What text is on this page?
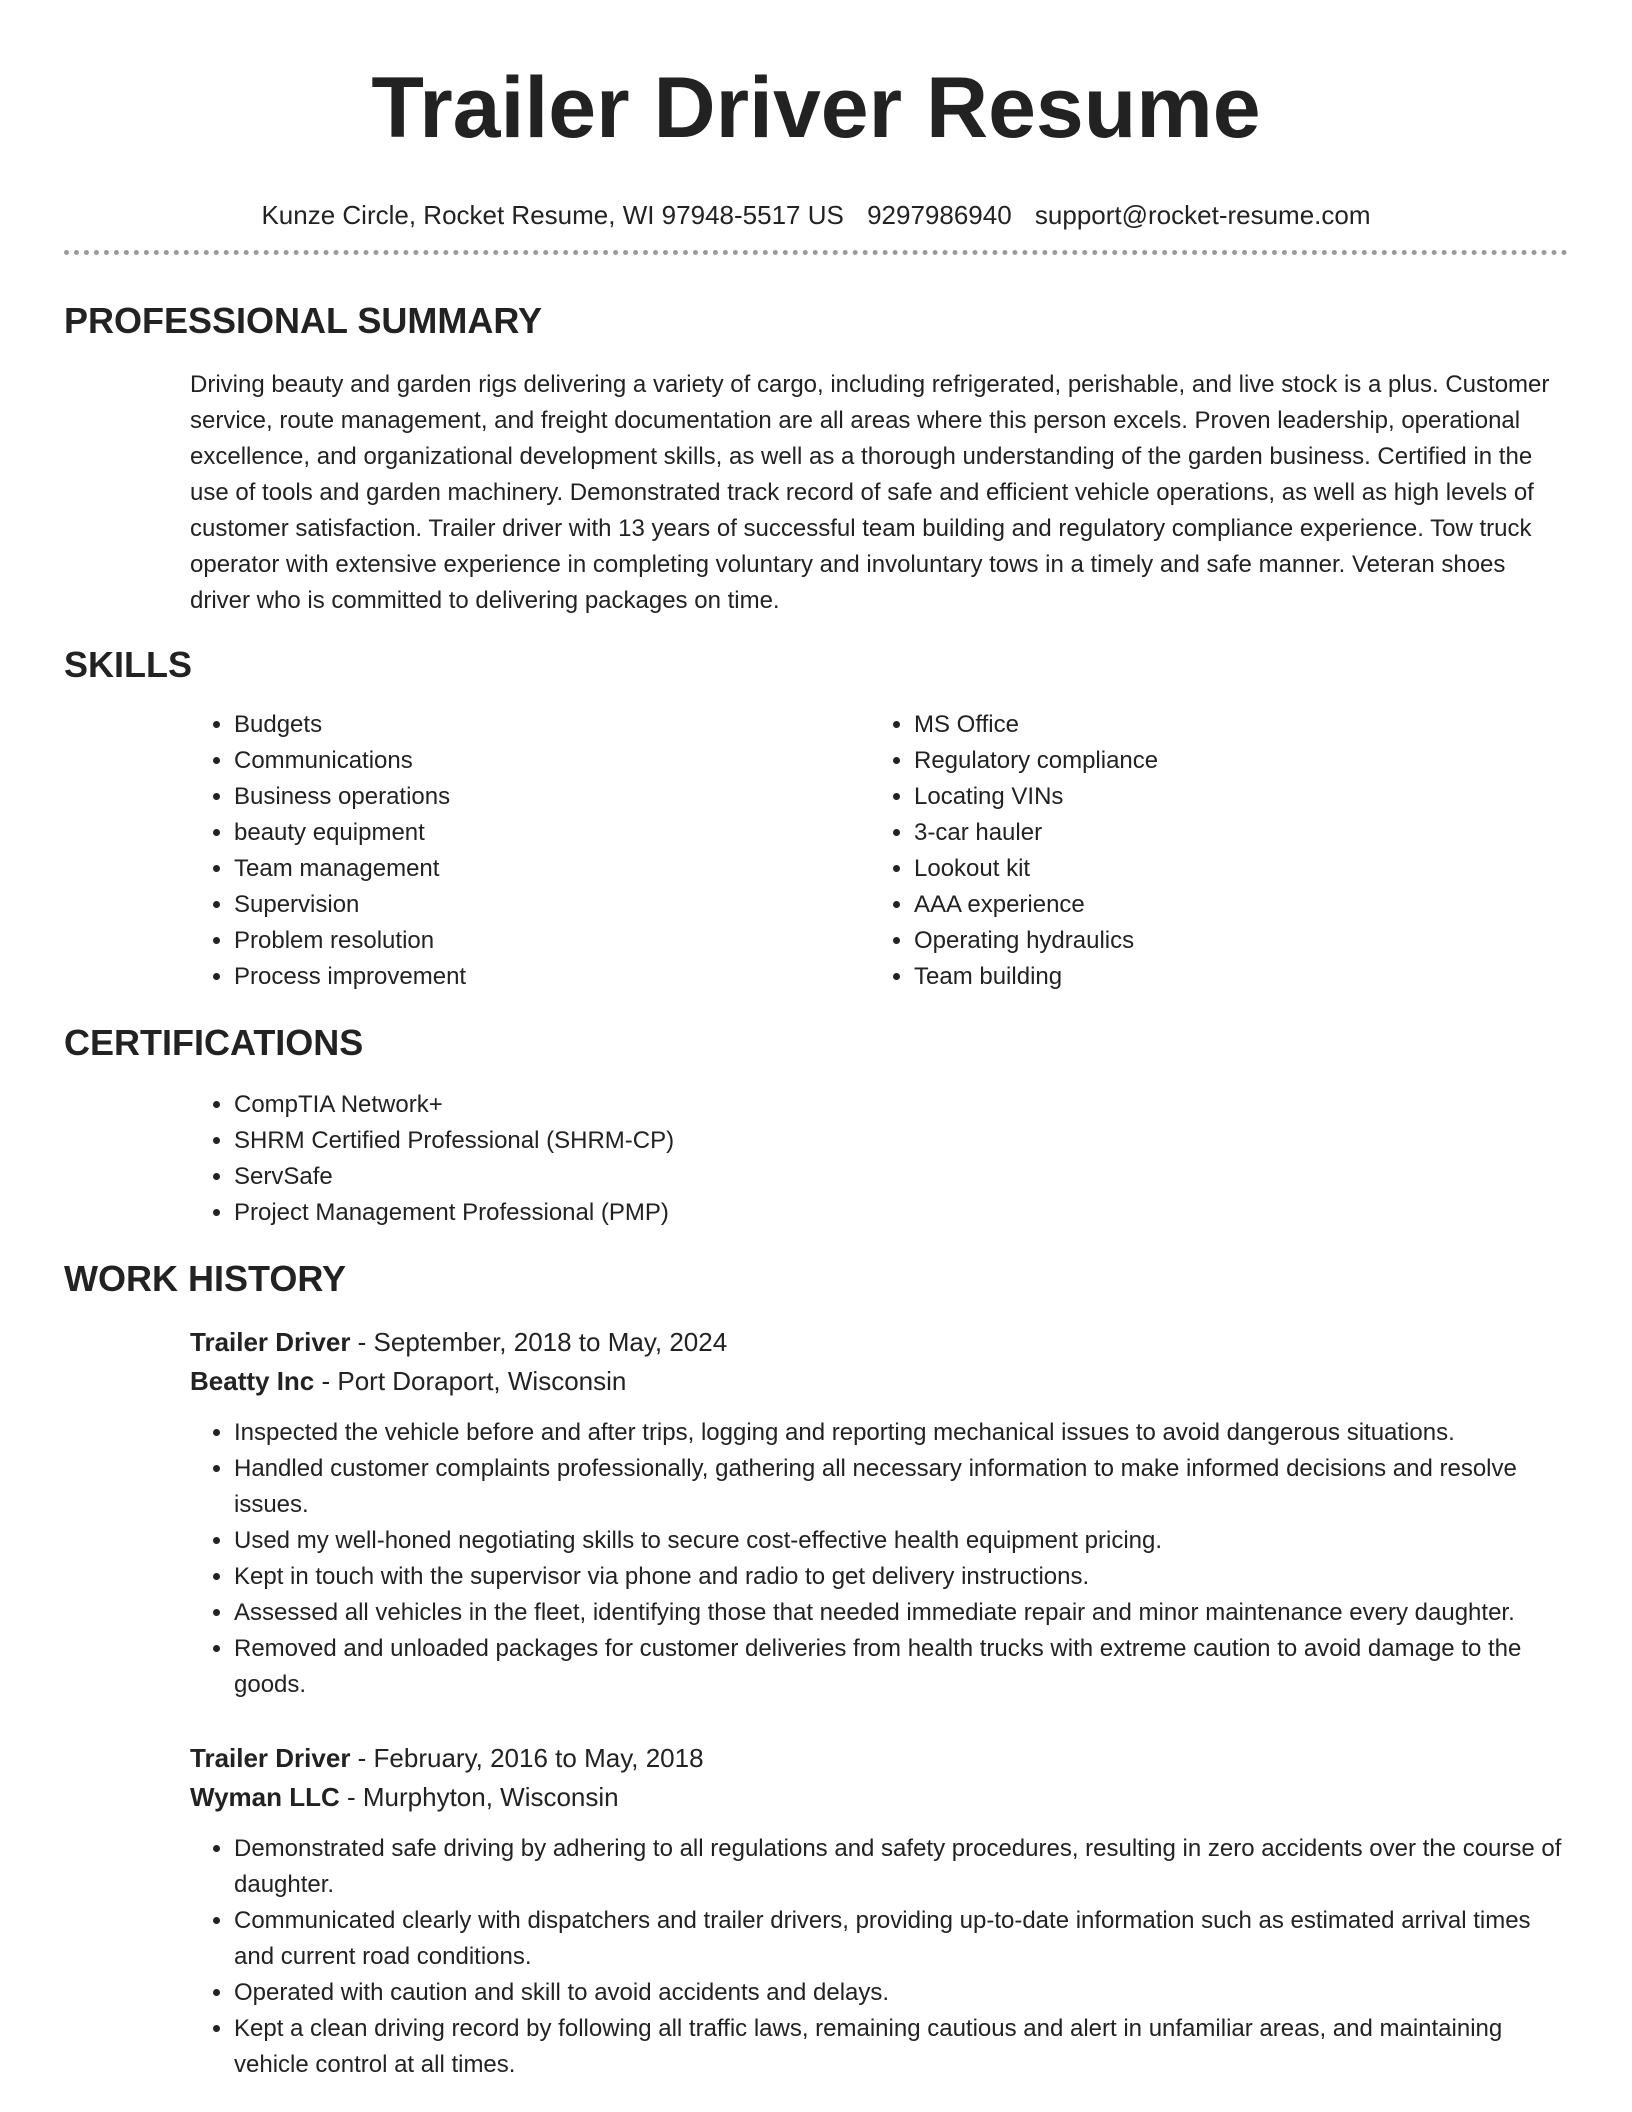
Trailer Driver Resume
Kunze Circle, Rocket Resume, WI 97948-5517 US 9297986940 support@rocket-resume.com
PROFESSIONAL SUMMARY

Driving beauty and garden rigs delivering a variety of cargo, including refrigerated, perishable, and live stock is a plus. Customer service, route management, and freight documentation are all areas where this person excels. Proven leadership, operational excellence, and organizational development skills, as well as a thorough understanding of the garden business. Certified in the use of tools and garden machinery. Demonstrated track record of safe and efficient vehicle operations, as well as high levels of customer satisfaction. Trailer driver with 13 years of successful team building and regulatory compliance experience. Tow truck operator with extensive experience in completing voluntary and involuntary tows in a timely and safe manner. Veteran shoes driver who is committed to delivering packages on time.

SKILLS
• Budgets
• Communications
• Business operations
• beauty equipment
• Team management
• Supervision
• Problem resolution
• Process improvement
• MS Office
• Regulatory compliance
• Locating VINs
• 3-car hauler
• Lookout kit
• AAA experience
• Operating hydraulics
• Team building
CERTIFICATIONS
• CompTIA Network+
• SHRM Certified Professional (SHRM-CP)
• ServSafe
• Project Management Professional (PMP)
WORK HISTORY
Trailer Driver - September, 2018 to May, 2024
Beatty Inc - Port Doraport, Wisconsin
• Inspected the vehicle before and after trips, logging and reporting mechanical issues to avoid dangerous situations.
• Handled customer complaints professionally, gathering all necessary information to make informed decisions and resolve issues.
• Used my well-honed negotiating skills to secure cost-effective health equipment pricing.
• Kept in touch with the supervisor via phone and radio to get delivery instructions.
• Assessed all vehicles in the fleet, identifying those that needed immediate repair and minor maintenance every daughter.
• Removed and unloaded packages for customer deliveries from health trucks with extreme caution to avoid damage to the goods.
Trailer Driver - February, 2016 to May, 2018
Wyman LLC - Murphyton, Wisconsin
• Demonstrated safe driving by adhering to all regulations and safety procedures, resulting in zero accidents over the course of daughter.
• Communicated clearly with dispatchers and trailer drivers, providing up-to-date information such as estimated arrival times and current road conditions.
• Operated with caution and skill to avoid accidents and delays.
• Kept a clean driving record by following all traffic laws, remaining cautious and alert in unfamiliar areas, and maintaining vehicle control at all times.
